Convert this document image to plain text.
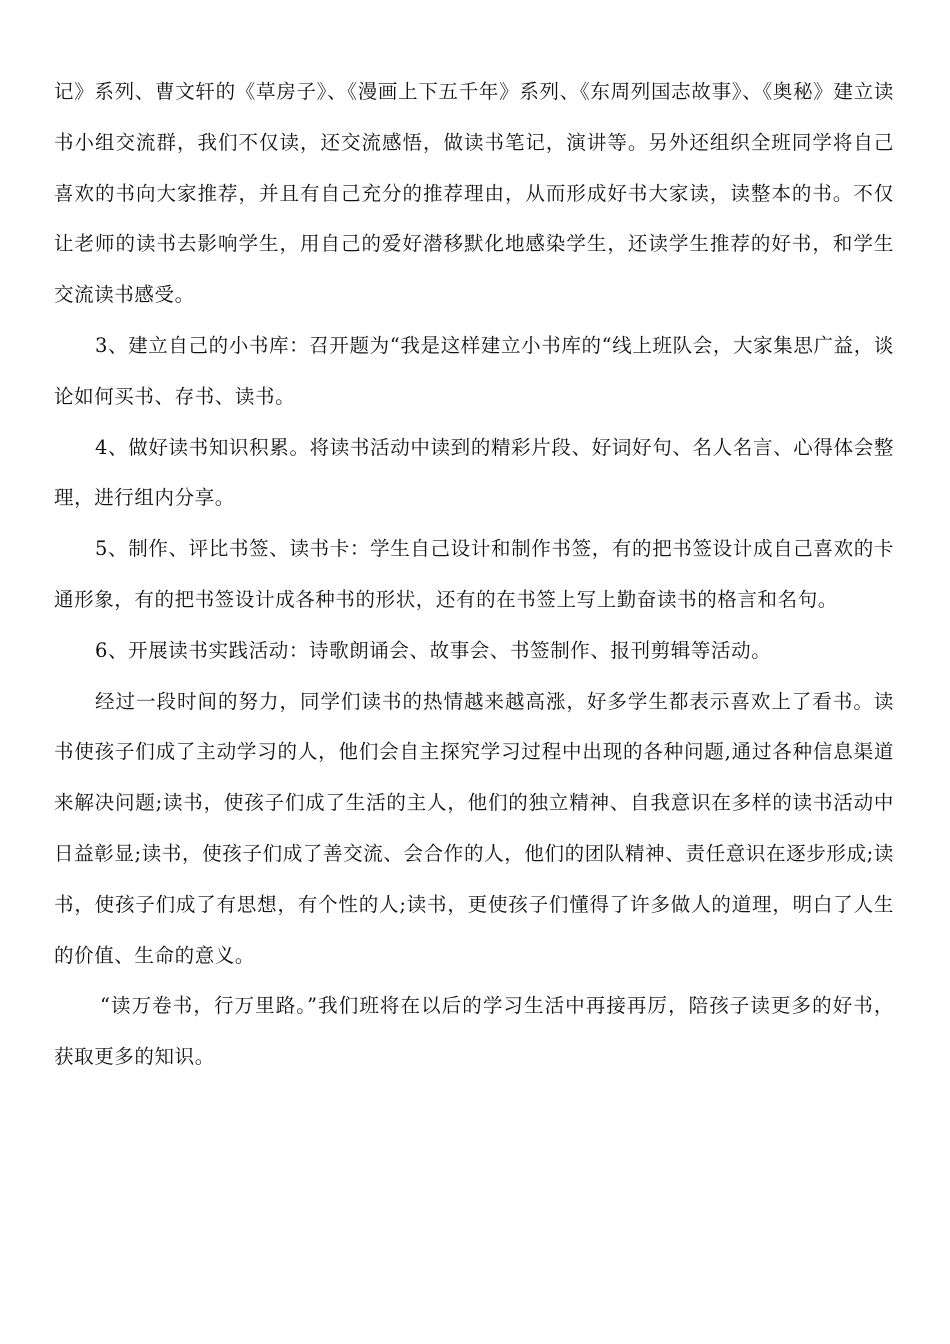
记》系列、曹文轩的《草房子》、《漫画上下五千年》系列、《东周列国志故事》、《奥秘》建立读书小组交流群，我们不仅读，还交流感悟，做读书笔记，演讲等。另外还组织全班同学将自己喜欢的书向大家推荐，并且有自己充分的推荐理由，从而形成好书大家读，读整本的书。不仅让老师的读书去影响学生，用自己的爱好潜移默化地感染学生，还读学生推荐的好书，和学生交流读书感受。

3、建立自己的小书库：召开题为“我是这样建立小书库的“线上班队会，大家集思广益，谈论如何买书、存书、读书。

4、做好读书知识积累。将读书活动中读到的精彩片段、好词好句、名人名言、心得体会整理，进行组内分享。

5、制作、评比书签、读书卡：学生自己设计和制作书签，有的把书签设计成自己喜欢的卡通形象，有的把书签设计成各种书的形状，还有的在书签上写上勤奋读书的格言和名句。

6、开展读书实践活动：诗歌朗诵会、故事会、书签制作、报刊剪辑等活动。

经过一段时间的努力，同学们读书的热情越来越高涨，好多学生都表示喜欢上了看书。读书使孩子们成了主动学习的人，他们会自主探究学习过程中出现的各种问题,通过各种信息渠道来解决问题;读书，使孩子们成了生活的主人，他们的独立精神、自我意识在多样的读书活动中日益彰显;读书，使孩子们成了善交流、会合作的人，他们的团队精神、责任意识在逐步形成;读书，使孩子们成了有思想，有个性的人;读书，更使孩子们懂得了许多做人的道理，明白了人生的价值、生命的意义。

“读万卷书，行万里路。”我们班将在以后的学习生活中再接再厉，陪孩子读更多的好书，获取更多的知识。
